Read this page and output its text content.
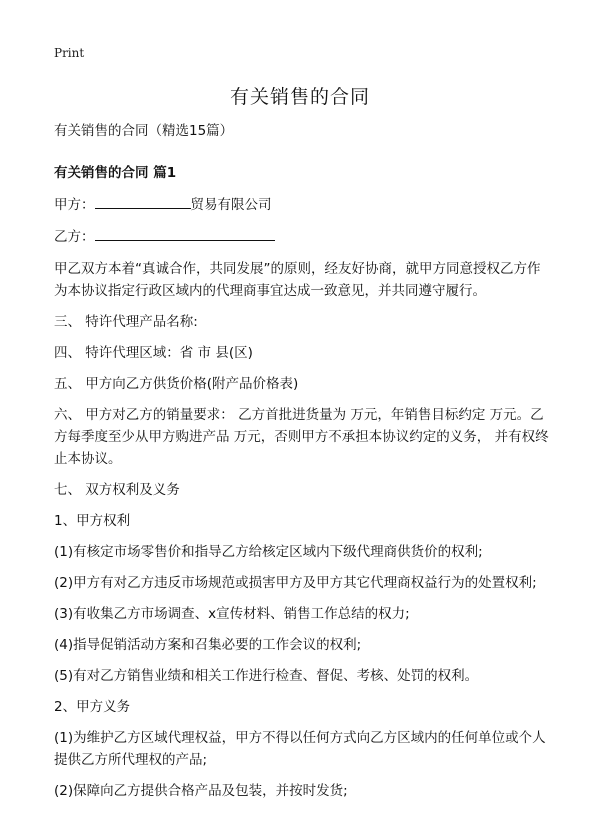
Print
有关销售的合同

有关销售的合同（精选15篇）

有关销售的合同 篇1

甲方：	贸易有限公司

乙方：

甲乙双方本着“真诚合作，共同发展”的原则，经友好协商，就甲方同意授权乙方作为本协议指定行政区域内的代理商事宜达成一致意见，并共同遵守履行。

三、 特许代理产品名称:

四、 特许代理区域：省 市 县(区)

五、 甲方向乙方供货价格(附产品价格表)

六、 甲方对乙方的销量要求： 乙方首批进货量为 万元，年销售目标约定 万元。乙方每季度至少从甲方购进产品 万元，否则甲方不承担本协议约定的义务， 并有权终止本协议。

七、 双方权利及义务

1、甲方权利

(1)有核定市场零售价和指导乙方给核定区域内下级代理商供货价的权利;

(2)甲方有对乙方违反市场规范或损害甲方及甲方其它代理商权益行为的处置权利;

(3)有收集乙方市场调查、x宣传材料、销售工作总结的权力;

(4)指导促销活动方案和召集必要的工作会议的权利;

(5)有对乙方销售业绩和相关工作进行检查、督促、考核、处罚的权利。

2、甲方义务

(1)为维护乙方区域代理权益，甲方不得以任何方式向乙方区域内的任何单位或个人提供乙方所代理权的产品;

(2)保障向乙方提供合格产品及包装，并按时发货;
